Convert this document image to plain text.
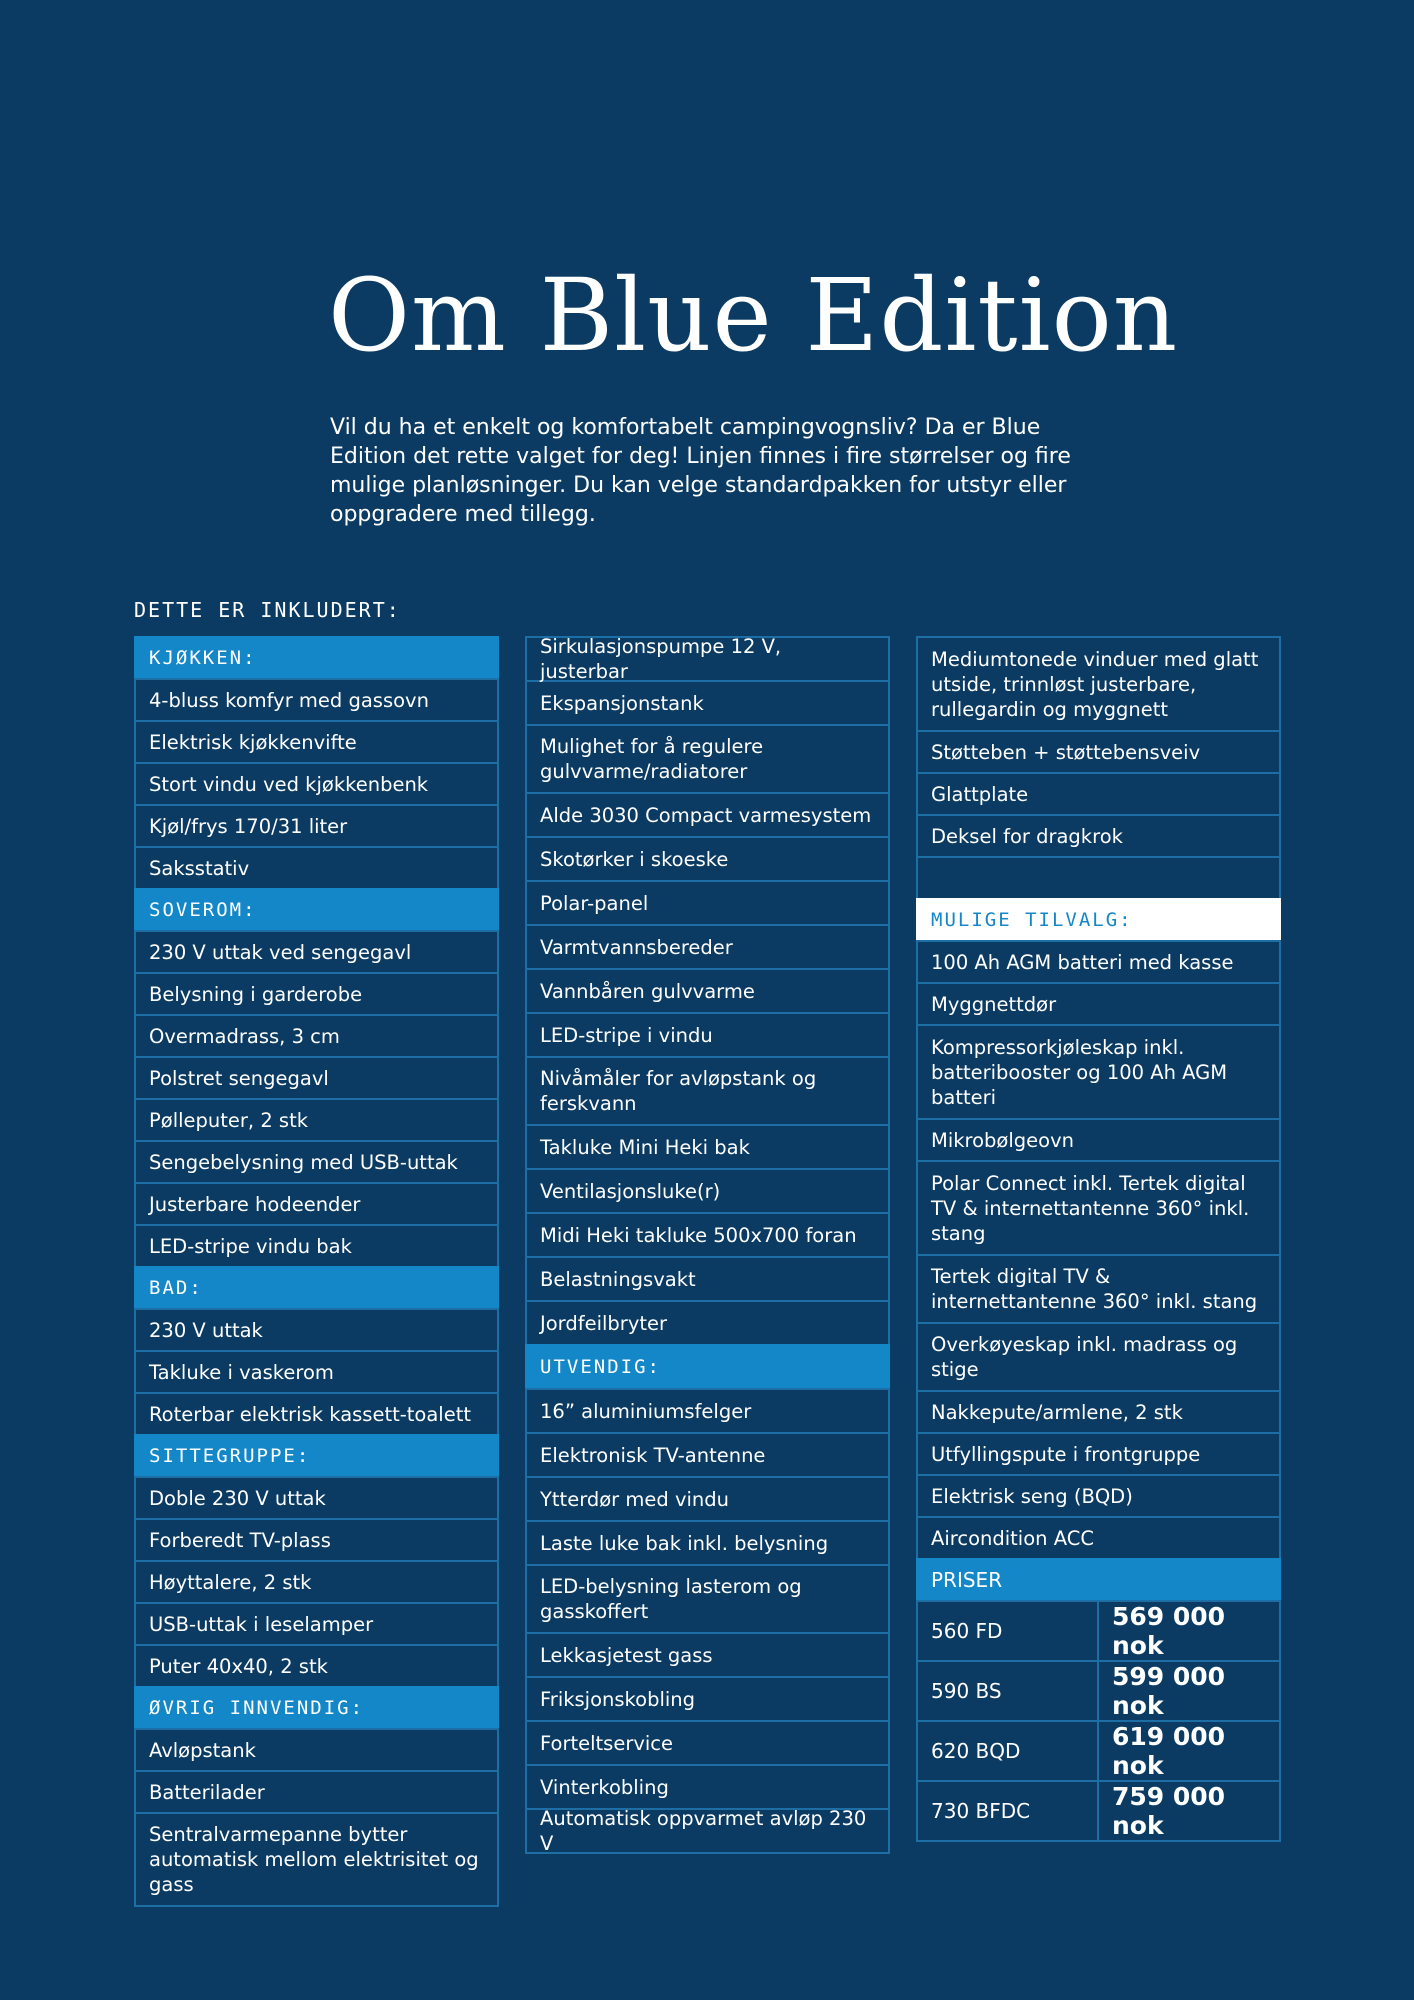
Om Blue Edition

Vil du ha et enkelt og komfortabelt campingvognsliv? Da er Blue Edition det rette valget for deg! Linjen finnes i fire størrelser og fire mulige planløsninger. Du kan velge standardpakken for utstyr eller oppgradere med tillegg.

DETTE ER INKLUDERT:
KJØKKEN:
4-bluss komfyr med gassovn
Elektrisk kjøkkenvifte
Stort vindu ved kjøkkenbenk
Kjøl/frys 170/31 liter
Saksstativ
SOVEROM:
230 V uttak ved sengegavl
Belysning i garderobe
Overmadrass, 3 cm
Polstret sengegavl
Pølleputer, 2 stk
Sengebelysning med USB-uttak
Justerbare hodeender
LED-stripe vindu bak
BAD:
230 V uttak
Takluke i vaskerom
Roterbar elektrisk kassett-toalett
SITTEGRUPPE:
Doble 230 V uttak
Forberedt TV-plass
Høyttalere, 2 stk
USB-uttak i leselamper
Puter 40x40, 2 stk
ØVRIG INNVENDIG:
Avløpstank
Batterilader
Sentralvarmepanne bytter automatisk mellom elektrisitet og gass
Sirkulasjonspumpe 12 V, justerbar
Ekspansjonstank
Mulighet for å regulere gulvvarme/radiatorer
Alde 3030 Compact varmesystem
Skotørker i skoeske
Polar-panel
Varmtvannsbereder
Vannbåren gulvvarme
LED-stripe i vindu
Nivåmåler for avløpstank og ferskvann
Takluke Mini Heki bak
Ventilasjonsluke(r)
Midi Heki takluke 500x700 foran
Belastningsvakt
Jordfeilbryter
UTVENDIG:
16” aluminiumsfelger
Elektronisk TV-antenne
Ytterdør med vindu
Laste luke bak inkl. belysning
LED-belysning lasterom og gasskoffert
Lekkasjetest gass
Friksjonskobling
Forteltservice
Vinterkobling
Automatisk oppvarmet avløp 230 V
Mediumtonede vinduer med glatt utside, trinnløst justerbare, rullegardin og myggnett
Støtteben + støttebensveiv
Glattplate
Deksel for dragkrok
MULIGE TILVALG:
100 Ah AGM batteri med kasse
Myggnettdør
Kompressorkjøleskap inkl. batteribooster og 100 Ah AGM batteri
Mikrobølgeovn
Polar Connect inkl. Tertek digital TV & internettantenne 360° inkl. stang
Tertek digital TV & internettantenne 360° inkl. stang
Overkøyeskap inkl. madrass og stige
Nakkepute/armlene, 2 stk
Utfyllingspute i frontgruppe
Elektrisk seng (BQD)
Aircondition ACC
PRISER
560 FD	569 000 nok
590 BS	599 000 nok
620 BQD	619 000 nok
730 BFDC	759 000 nok
